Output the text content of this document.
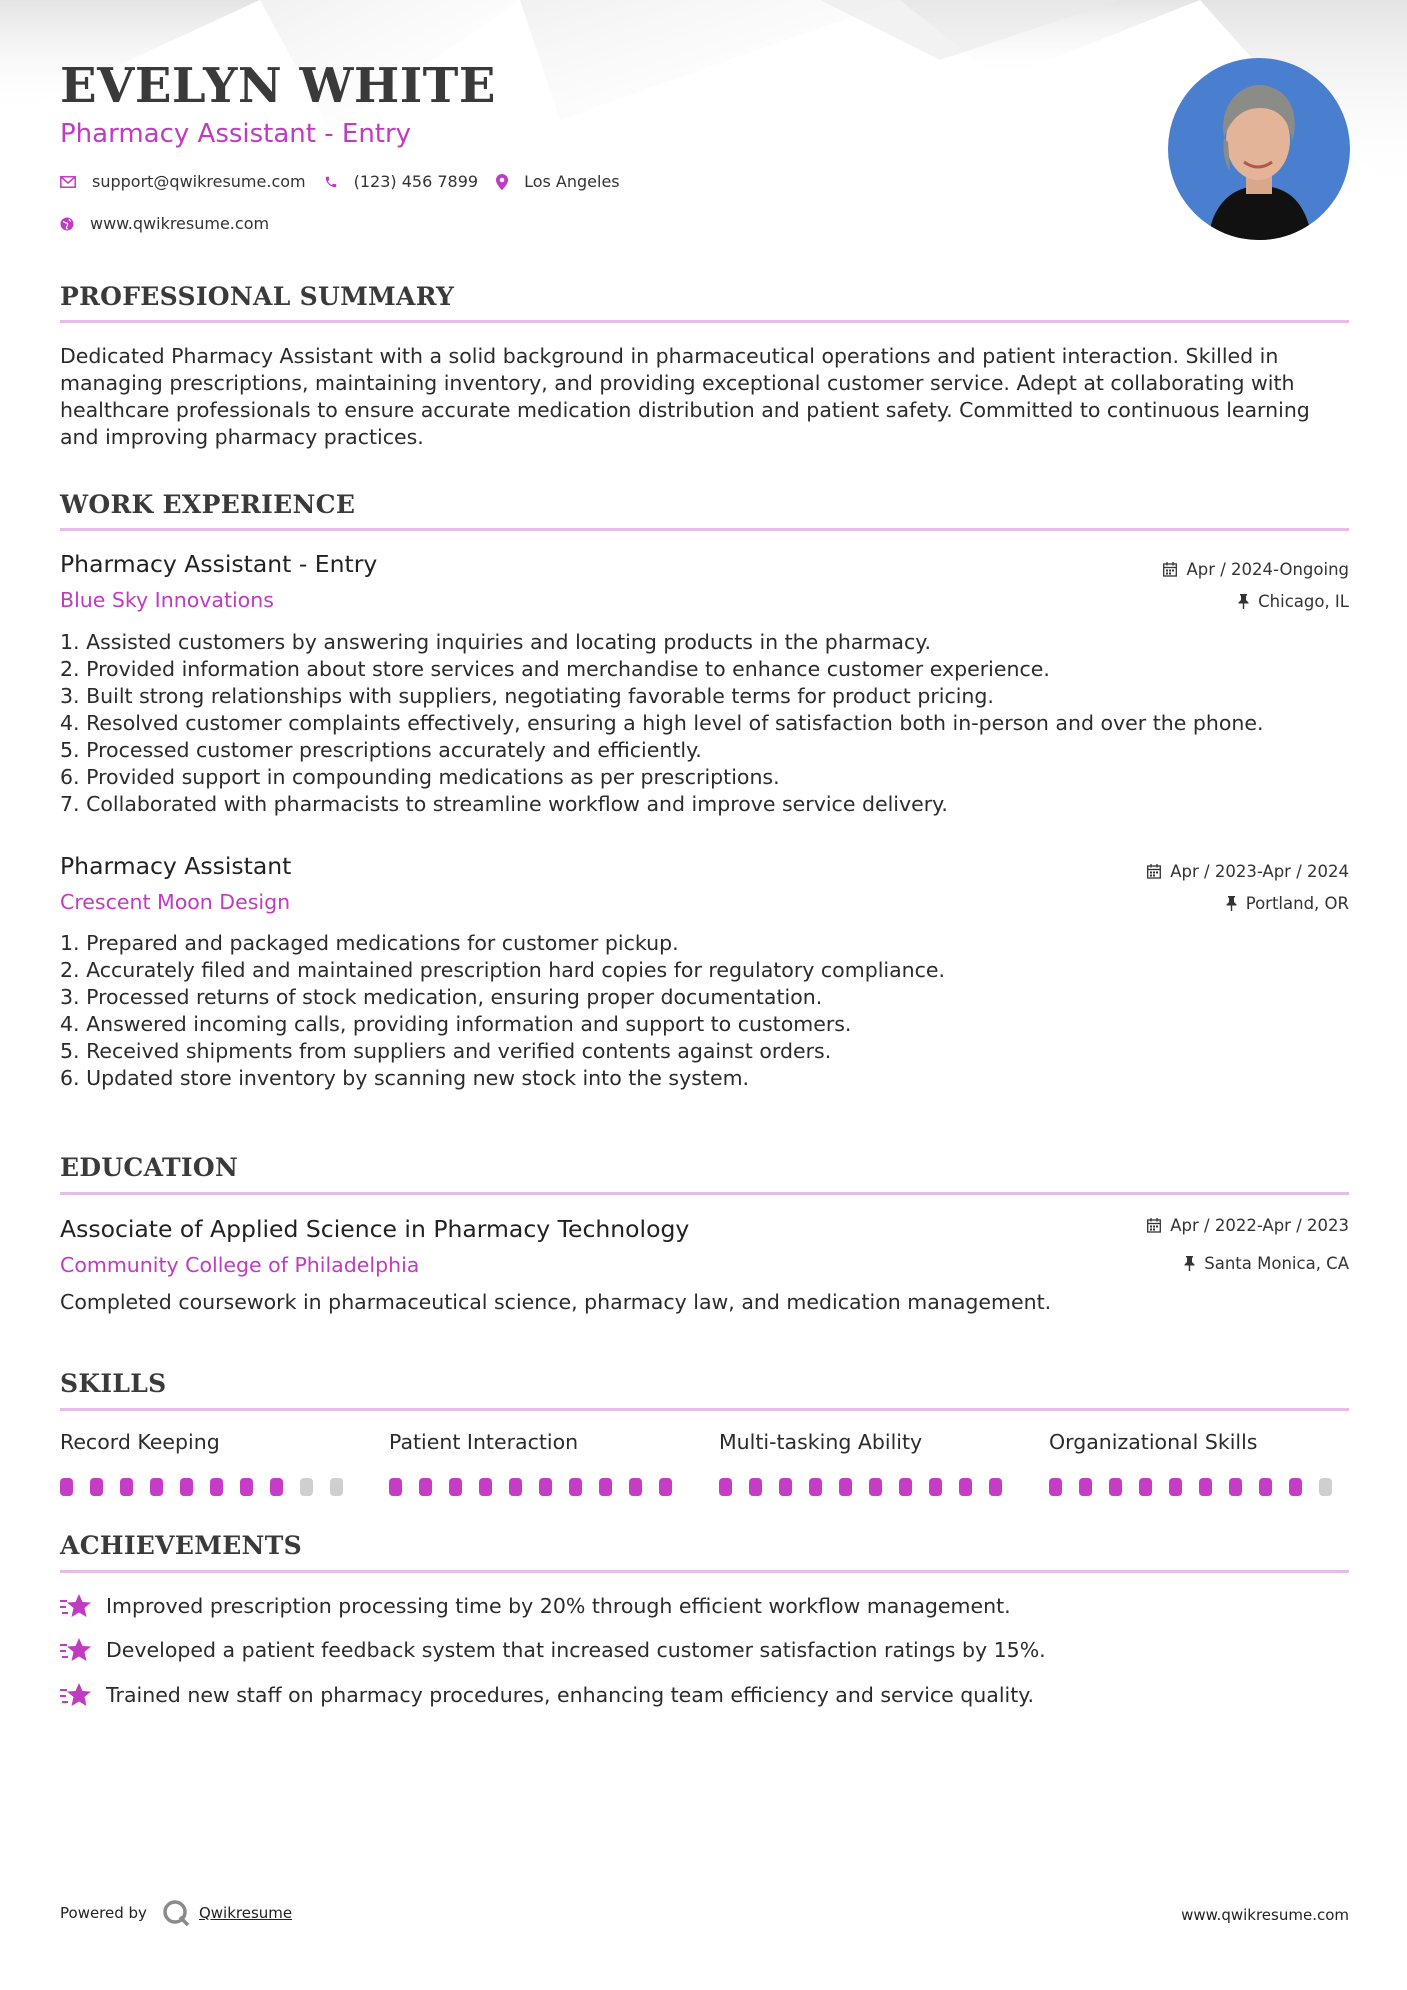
EVELYN WHITE
Pharmacy Assistant - Entry
support@qwikresume.com	(123) 456 7899	Los Angeles
www.qwikresume.com
PROFESSIONAL SUMMARY
Dedicated Pharmacy Assistant with a solid background in pharmaceutical operations and patient interaction. Skilled in managing prescriptions, maintaining inventory, and providing exceptional customer service. Adept at collaborating with healthcare professionals to ensure accurate medication distribution and patient safety. Committed to continuous learning and improving pharmacy practices.
WORK EXPERIENCE
Pharmacy Assistant - Entry	Apr / 2024-Ongoing
Blue Sky Innovations	Chicago, IL
1. Assisted customers by answering inquiries and locating products in the pharmacy.
2. Provided information about store services and merchandise to enhance customer experience.
3. Built strong relationships with suppliers, negotiating favorable terms for product pricing.
4. Resolved customer complaints effectively, ensuring a high level of satisfaction both in-person and over the phone.
5. Processed customer prescriptions accurately and efficiently.
6. Provided support in compounding medications as per prescriptions.
7. Collaborated with pharmacists to streamline workflow and improve service delivery.
Pharmacy Assistant	Apr / 2023-Apr / 2024
Crescent Moon Design	Portland, OR
1. Prepared and packaged medications for customer pickup.
2. Accurately filed and maintained prescription hard copies for regulatory compliance.
3. Processed returns of stock medication, ensuring proper documentation.
4. Answered incoming calls, providing information and support to customers.
5. Received shipments from suppliers and verified contents against orders.
6. Updated store inventory by scanning new stock into the system.
EDUCATION
Associate of Applied Science in Pharmacy Technology	Apr / 2022-Apr / 2023
Community College of Philadelphia	Santa Monica, CA
Completed coursework in pharmaceutical science, pharmacy law, and medication management.
SKILLS
Record Keeping	Patient Interaction	Multi-tasking Ability	Organizational Skills
ACHIEVEMENTS
Improved prescription processing time by 20% through efficient workflow management.
Developed a patient feedback system that increased customer satisfaction ratings by 15%.
Trained new staff on pharmacy procedures, enhancing team efficiency and service quality.
Powered by	Qwikresume	www.qwikresume.com
